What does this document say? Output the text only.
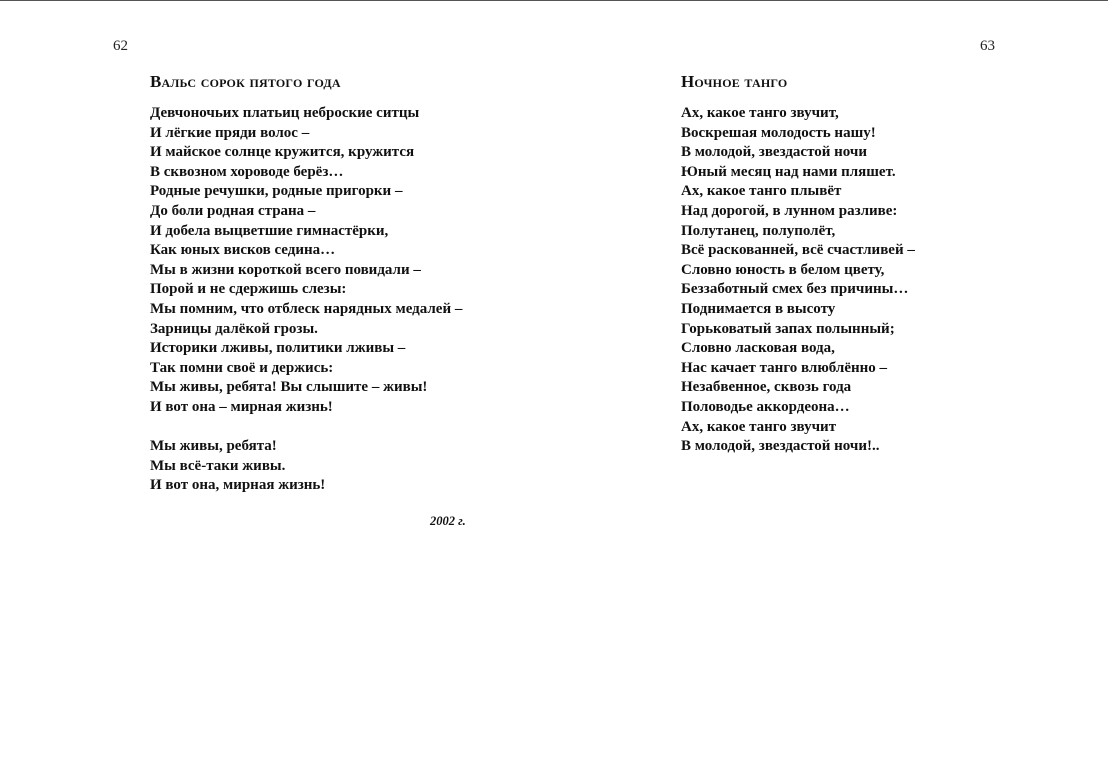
62	63
Вальс сорок пятого года
Девчоночьих платьиц неброские ситцы
И лёгкие пряди волос –
И майское солнце кружится, кружится
В сквозном хороводе берёз…
Родные речушки, родные пригорки –
До боли родная страна –
И добела выцветшие гимнастёрки,
Как юных висков седина…
Мы в жизни короткой всего повидали –
Порой и не сдержишь слезы:
Мы помним, что отблеск нарядных медалей –
Зарницы далёкой грозы.
Историки лживы, политики лживы –
Так помни своё и держись:
Мы живы, ребята! Вы слышите – живы!
И вот она – мирная жизнь!
Мы живы, ребята!
Мы всё-таки живы.
И вот она, мирная жизнь!
2002 г.
Ночное танго
Ах, какое танго звучит,
Воскрешая молодость нашу!
В молодой, звездастой ночи
Юный месяц над нами пляшет.
Ах, какое танго плывёт
Над дорогой, в лунном разливе:
Полутанец, полуполёт,
Всё раскованней, всё счастливей –
Словно юность в белом цвету,
Беззаботный смех без причины…
Поднимается в высоту
Горьковатый запах полынный;
Словно ласковая вода,
Нас качает танго влюблённо –
Незабвенное, сквозь года
Половодье аккордеона…
Ах, какое танго звучит
В молодой, звездастой ночи!..
